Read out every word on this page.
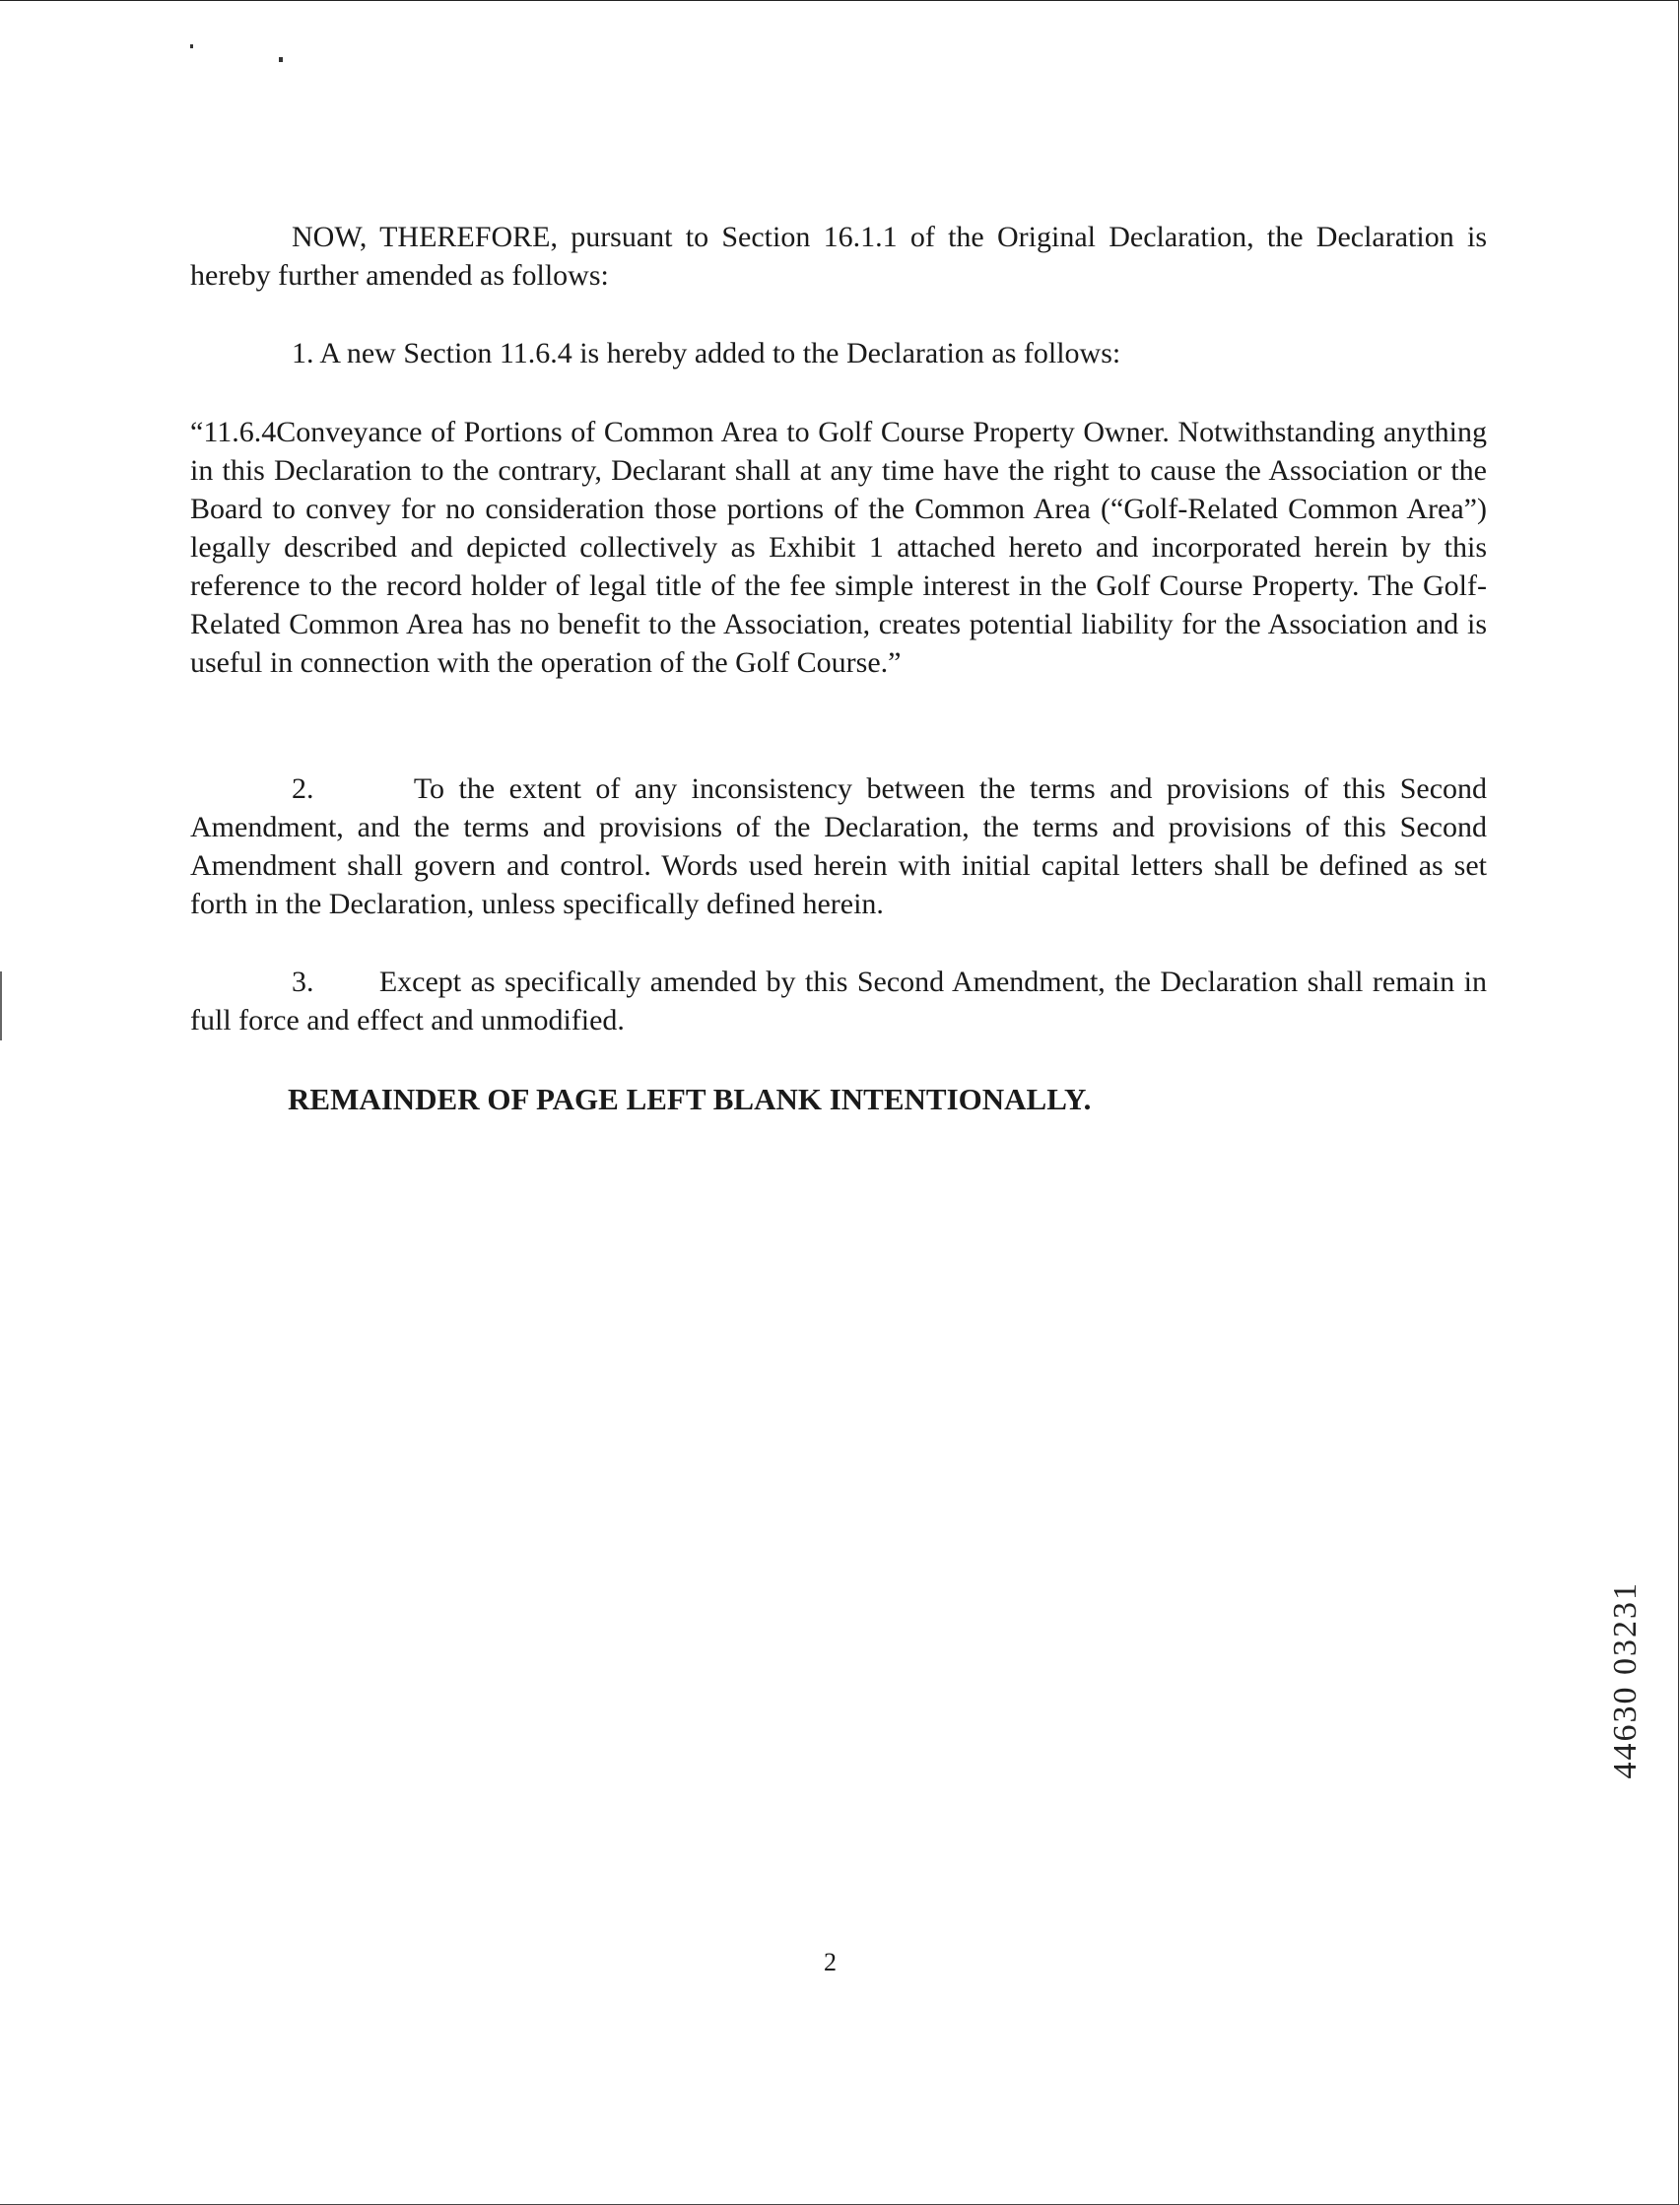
NOW, THEREFORE, pursuant to Section 16.1.1 of the Original Declaration, the Declaration is hereby further amended as follows:

1. A new Section 11.6.4 is hereby added to the Declaration as follows:

“11.6.4Conveyance of Portions of Common Area to Golf Course Property Owner. Notwithstanding anything in this Declaration to the contrary, Declarant shall at any time have the right to cause the Association or the Board to convey for no consideration those portions of the Common Area (“Golf-Related Common Area”) legally described and depicted collectively as Exhibit 1 attached hereto and incorporated herein by this reference to the record holder of legal title of the fee simple interest in the Golf Course Property. The Golf-Related Common Area has no benefit to the Association, creates potential liability for the Association and is useful in connection with the operation of the Golf Course.”

2.	To the extent of any inconsistency between the terms and provisions of this Second Amendment, and the terms and provisions of the Declaration, the terms and provisions of this Second Amendment shall govern and control. Words used herein with initial capital letters shall be defined as set forth in the Declaration, unless specifically defined herein.

3. Except as specifically amended by this Second Amendment, the Declaration shall remain in full force and effect and unmodified.

REMAINDER OF PAGE LEFT BLANK INTENTIONALLY.

2
44630 03231
